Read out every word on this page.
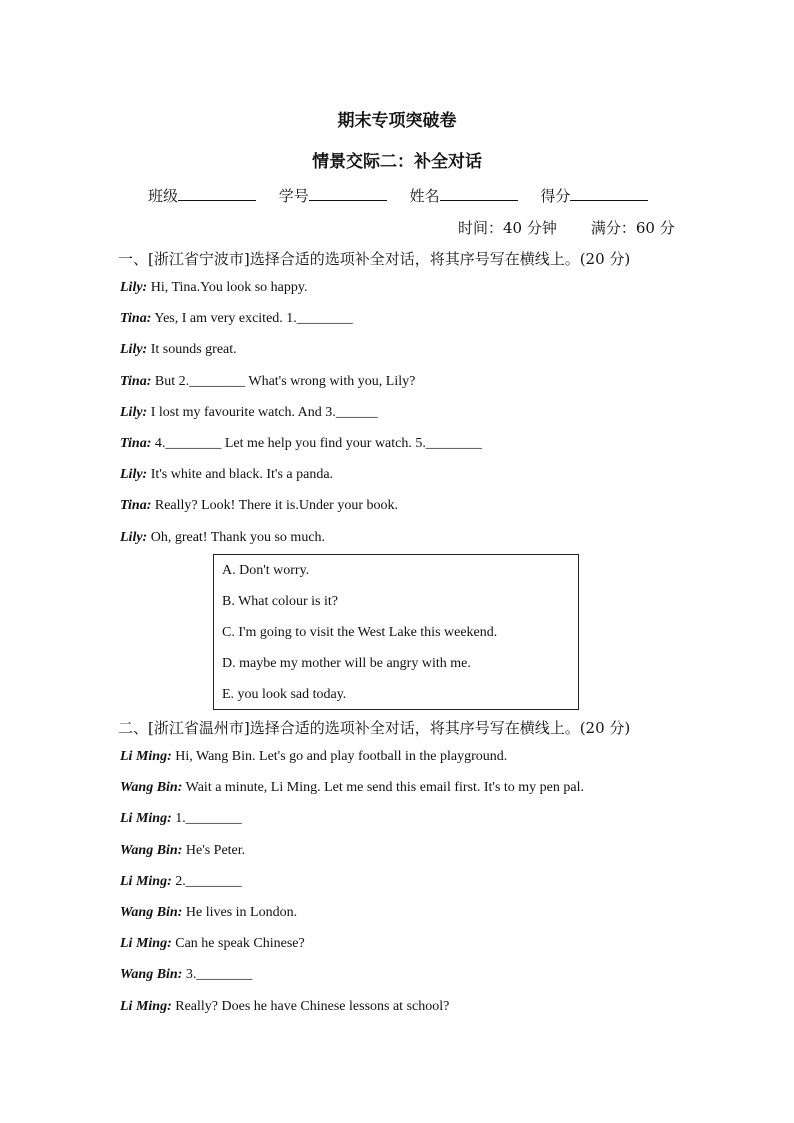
期末专项突破卷
情景交际二：补全对话
班级	学号	姓名	得分
时间：40 分钟 满分：60 分
一、[浙江省宁波市]选择合适的选项补全对话，将其序号写在横线上。(20 分)
Lily: Hi, Tina.You look so happy.
Tina: Yes, I am very excited. 1.________
Lily: It sounds great.
Tina: But 2.________ What's wrong with you, Lily?
Lily: I lost my favourite watch. And 3.______
Tina: 4.________ Let me help you find your watch. 5.________
Lily: It's white and black. It's a panda.
Tina: Really? Look! There it is.Under your book.
Lily: Oh, great! Thank you so much.
A. Don't worry.
B. What colour is it?
C. I'm going to visit the West Lake this weekend.
D. maybe my mother will be angry with me.
E. you look sad today.
二、[浙江省温州市]选择合适的选项补全对话，将其序号写在横线上。(20 分)
Li Ming: Hi, Wang Bin. Let's go and play football in the playground.
Wang Bin: Wait a minute, Li Ming. Let me send this email first. It's to my pen pal.
Li Ming: 1.________
Wang Bin: He's Peter.
Li Ming: 2.________
Wang Bin: He lives in London.
Li Ming: Can he speak Chinese?
Wang Bin: 3.________
Li Ming: Really? Does he have Chinese lessons at school?
